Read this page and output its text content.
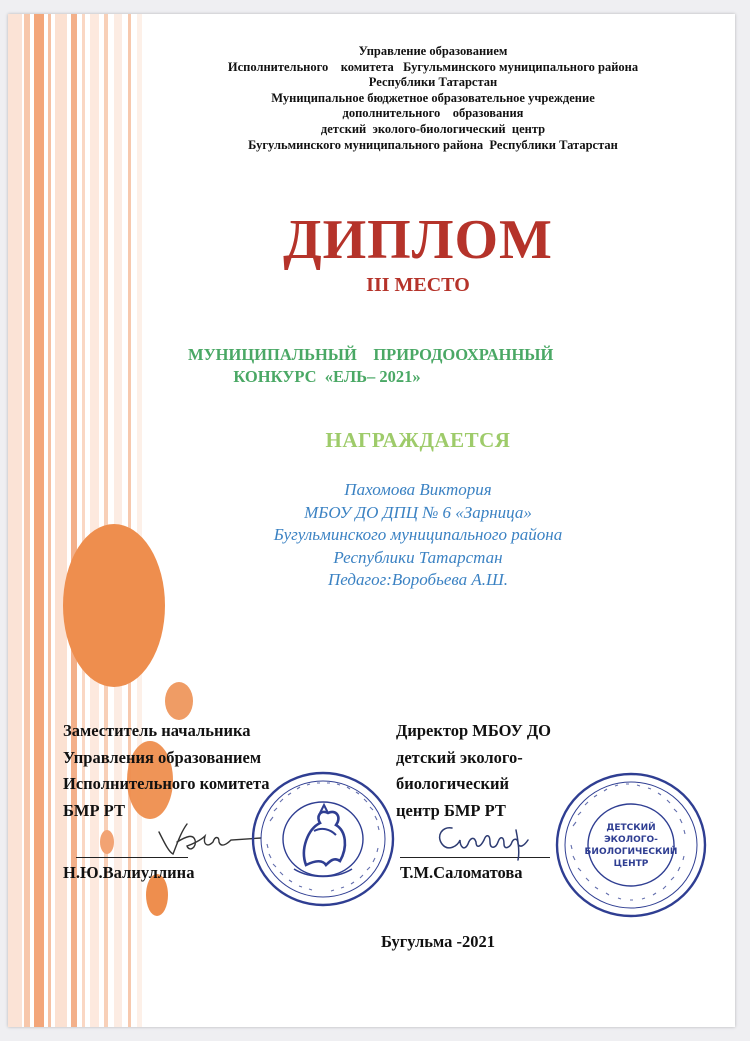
Управление образованием
Исполнительного    комитета   Бугульминского муниципального района
Республики Татарстан
Муниципальное бюджетное образовательное учреждение
дополнительного    образования
детский  эколого-биологический  центр
Бугульминского муниципального района  Республики Татарстан
ДИПЛОМ
III МЕСТО
МУНИЦИПАЛЬНЫЙ    ПРИРОДООХРАННЫЙ
КОНКУРС  «ЕЛЬ– 2021»
НАГРАЖДАЕТСЯ
Пахомова Виктория
МБОУ ДО ДПЦ № 6 «Зарница»
Бугульминского муниципального района
Республики Татарстан
Педагог:Воробьева А.Ш.
Заместитель начальника
Управления образованием
Исполнительного комитета
БМР РТ
Н.Ю.Валиуллина
Директор МБОУ ДО
детский эколого-
биологический
центр БМР РТ
Т.М.Саломатова
ДЕТСКИЙ
ЭКОЛОГО-
БИОЛОГИЧЕСКИЙ
ЦЕНТР
Бугульма -2021
